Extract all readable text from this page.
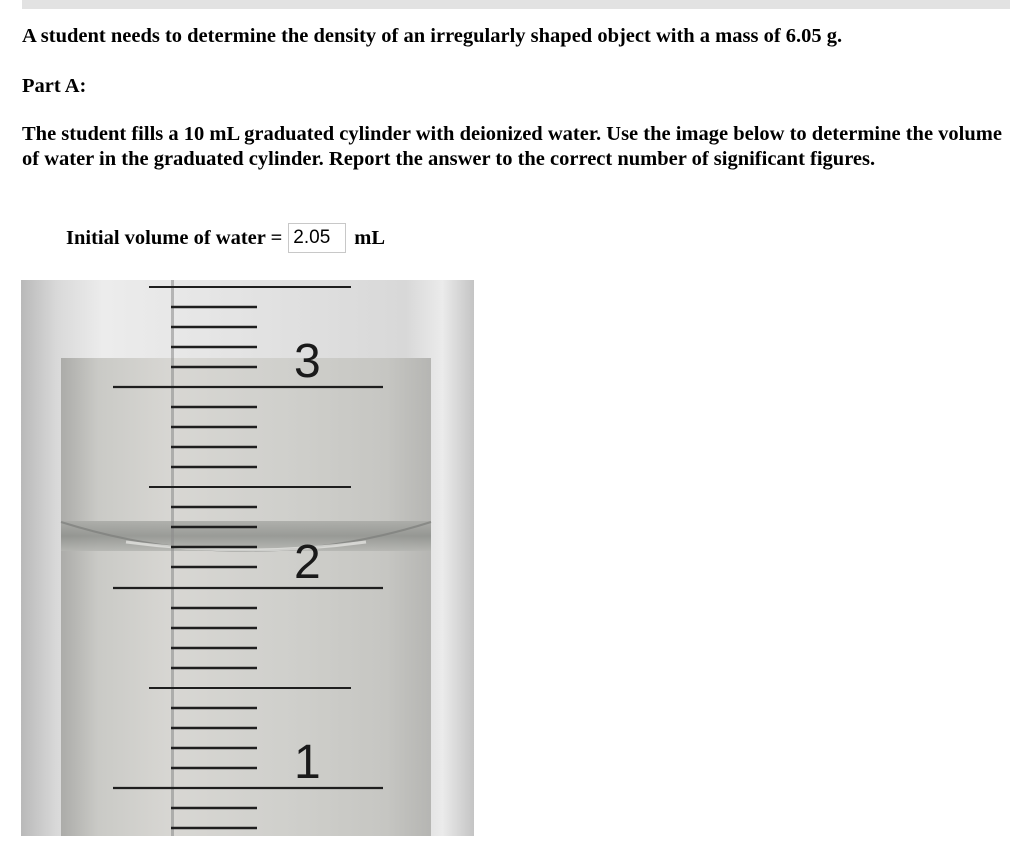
A student needs to determine the density of an irregularly shaped object with a mass of 6.05 g.

Part A:

The student fills a 10 mL graduated cylinder with deionized water. Use the image below to determine the volume of water in the graduated cylinder. Report the answer to the correct number of significant figures.

Initial volume of water =
2.05	mL
3
2
1
